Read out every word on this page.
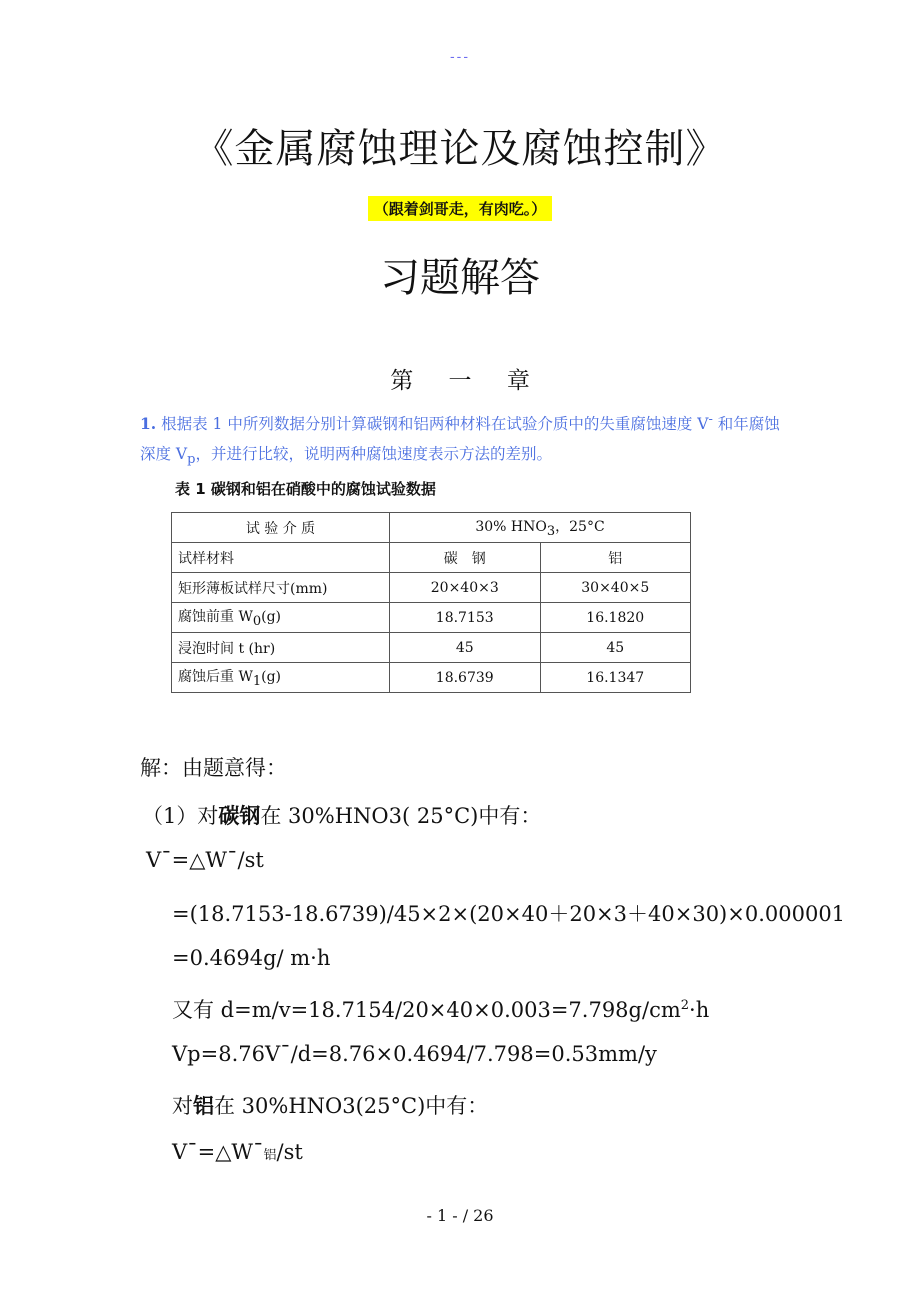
---
《金属腐蚀理论及腐蚀控制》
（跟着剑哥走，有肉吃。）
习题解答
第 一 章
1. 根据表 1 中所列数据分别计算碳钢和铝两种材料在试验介质中的失重腐蚀速度 V- 和年腐蚀深度 $V_p$，并进行比较，说明两种腐蚀速度表示方法的差别。
表 1 碳钢和铝在硝酸中的腐蚀试验数据
试 验 介 质	30% $HNO_3$，25°C	
试样材料	碳　钢	铝
矩形薄板试样尺寸(mm)	20×40×3	30×40×5
腐蚀前重 $W_0(g)$	18.7153	16.1820
浸泡时间 t (hr)	45	45
腐蚀后重 $W_1(g)$	18.6739	16.1347
解：由题意得：
（1）对碳钢在 30%HNO3( 25°C)中有：
V¯=△W¯/st
=(18.7153-18.6739)/45×2×(20×40＋20×3＋40×30)×0.000001
=0.4694g/ m·h
又有 $d=m/v=18.7154/20\times 40\times 0.003=7.798g/cm^2\cdot h$
Vp=8.76V¯/d=8.76×0.4694/7.798=0.53mm/y
对铝在 30%HNO3(25°C)中有：
V¯=△W¯铝/st
- 1 - / 26
